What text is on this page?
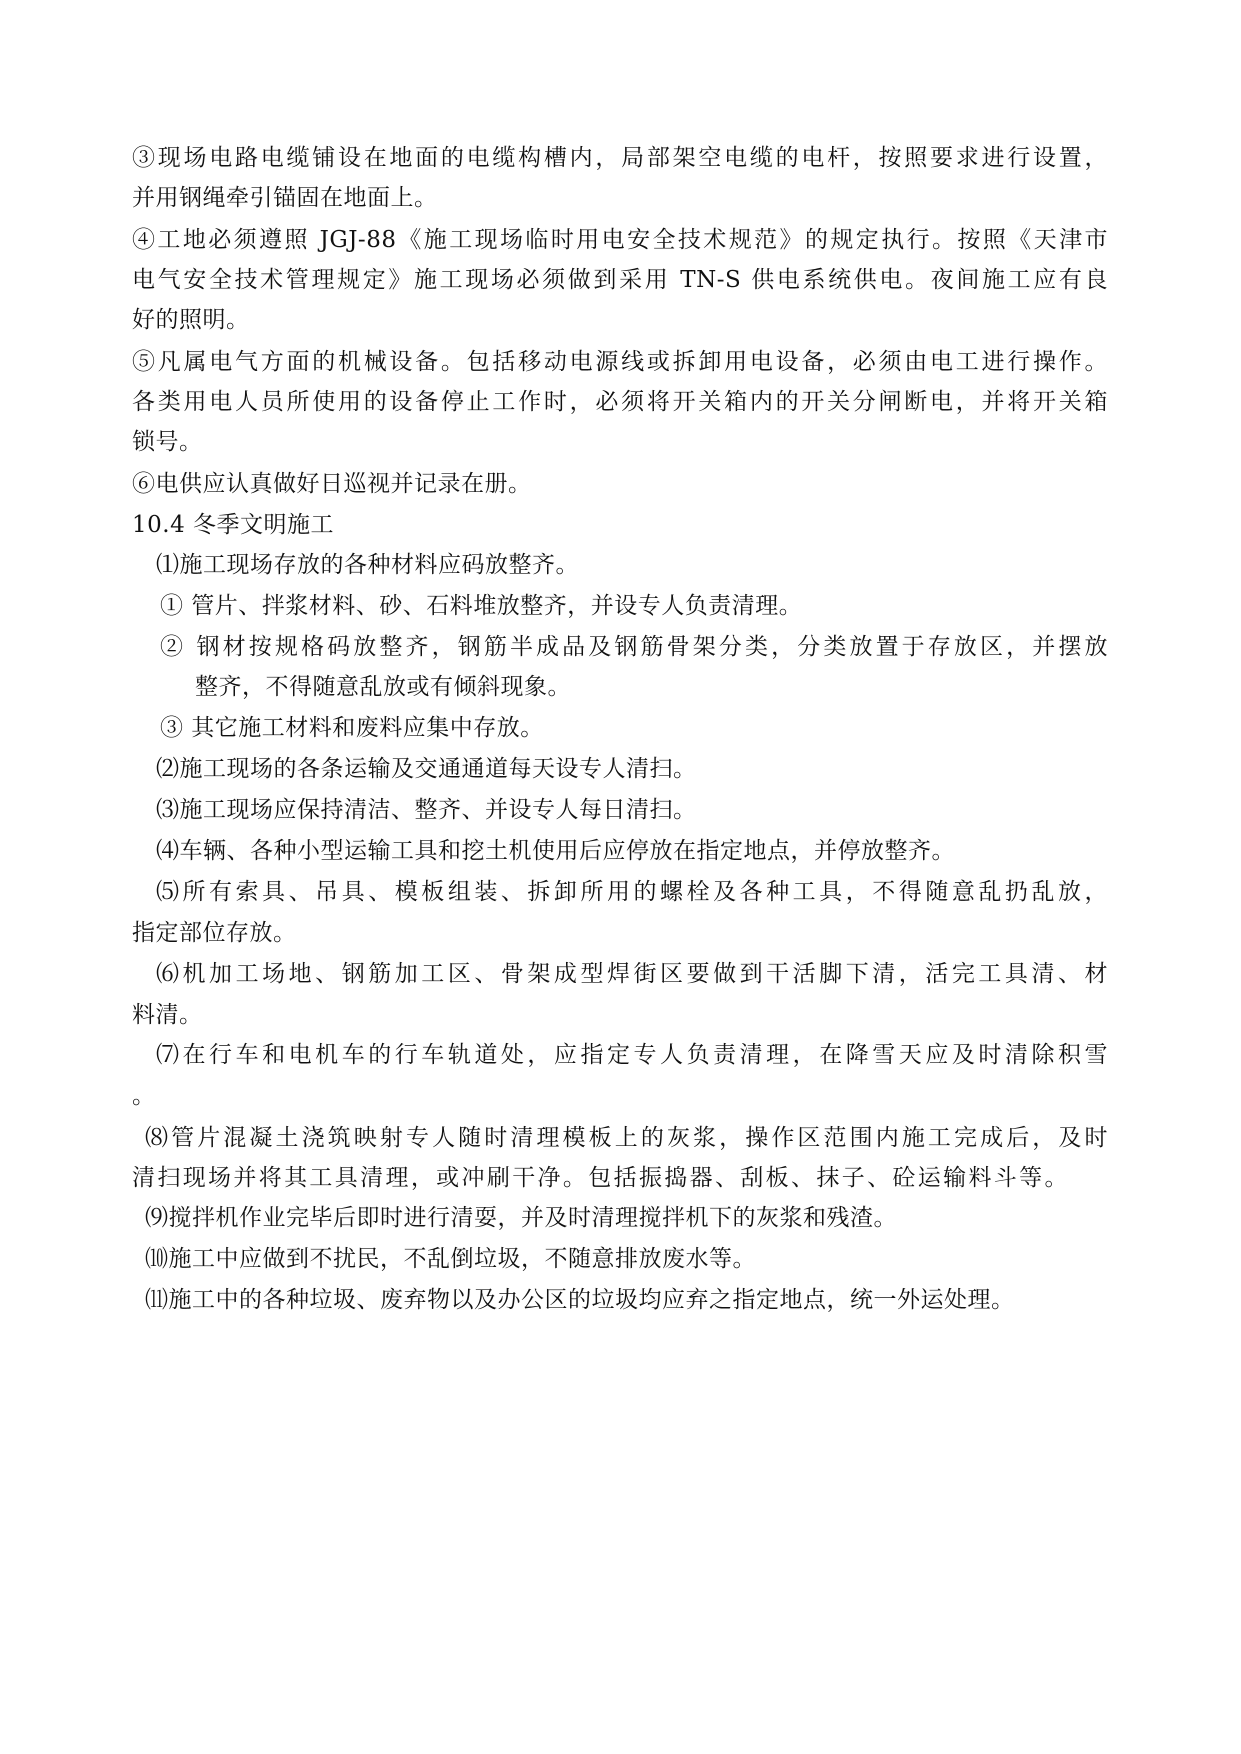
③现场电路电缆铺设在地面的电缆构槽内，局部架空电缆的电杆，按照要求进行设置，
并用钢绳牵引锚固在地面上。
④工地必须遵照 JGJ-88《施工现场临时用电安全技术规范》的规定执行。按照《天津市
电气安全技术管理规定》施工现场必须做到采用 TN-S 供电系统供电。夜间施工应有良
好的照明。
⑤凡属电气方面的机械设备。包括移动电源线或拆卸用电设备，必须由电工进行操作。
各类用电人员所使用的设备停止工作时，必须将开关箱内的开关分闸断电，并将开关箱
锁号。
⑥电供应认真做好日巡视并记录在册。
10.4 冬季文明施工
⑴施工现场存放的各种材料应码放整齐。
① 管片、拌浆材料、砂、石料堆放整齐，并设专人负责清理。
② 钢材按规格码放整齐，钢筋半成品及钢筋骨架分类，分类放置于存放区，并摆放
整齐，不得随意乱放或有倾斜现象。
③ 其它施工材料和废料应集中存放。
⑵施工现场的各条运输及交通通道每天设专人清扫。
⑶施工现场应保持清洁、整齐、并设专人每日清扫。
⑷车辆、各种小型运输工具和挖土机使用后应停放在指定地点，并停放整齐。
⑸所有索具、吊具、模板组装、拆卸所用的螺栓及各种工具，不得随意乱扔乱放，
指定部位存放。
⑹机加工场地、钢筋加工区、骨架成型焊街区要做到干活脚下清，活完工具清、材
料清。
⑺在行车和电机车的行车轨道处，应指定专人负责清理，在降雪天应及时清除积雪
。
⑻管片混凝土浇筑映射专人随时清理模板上的灰浆，操作区范围内施工完成后，及时
清扫现场并将其工具清理，或冲刷干净。包括振捣器、刮板、抹子、砼运输料斗等。
⑼搅拌机作业完毕后即时进行清耍，并及时清理搅拌机下的灰浆和残渣。
⑽施工中应做到不扰民，不乱倒垃圾，不随意排放废水等。
⑾施工中的各种垃圾、废弃物以及办公区的垃圾均应弃之指定地点，统一外运处理。
